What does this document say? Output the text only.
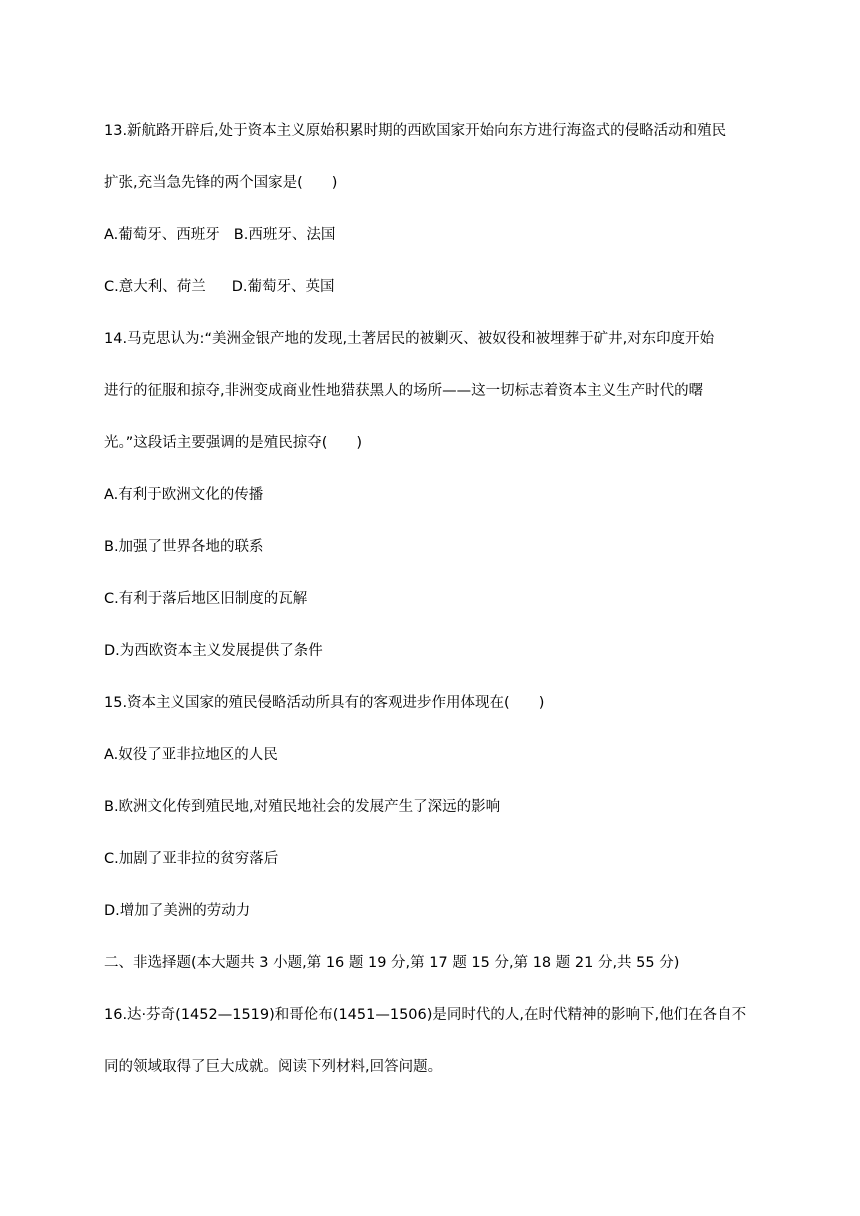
13.新航路开辟后,处于资本主义原始积累时期的西欧国家开始向东方进行海盗式的侵略活动和殖民
扩张,充当急先锋的两个国家是(　　)
A.葡萄牙、西班牙 B.西班牙、法国
C.意大利、荷兰 D.葡萄牙、英国
14.马克思认为:“美洲金银产地的发现,土著居民的被剿灭、被奴役和被埋葬于矿井,对东印度开始
进行的征服和掠夺,非洲变成商业性地猎获黑人的场所——这一切标志着资本主义生产时代的曙
光。”这段话主要强调的是殖民掠夺(　　)
A.有利于欧洲文化的传播
B.加强了世界各地的联系
C.有利于落后地区旧制度的瓦解
D.为西欧资本主义发展提供了条件
15.资本主义国家的殖民侵略活动所具有的客观进步作用体现在(　　)
A.奴役了亚非拉地区的人民
B.欧洲文化传到殖民地,对殖民地社会的发展产生了深远的影响
C.加剧了亚非拉的贫穷落后
D.增加了美洲的劳动力
二、非选择题(本大题共 3 小题,第 16 题 19 分,第 17 题 15 分,第 18 题 21 分,共 55 分)
16.达·芬奇(1452—1519)和哥伦布(1451—1506)是同时代的人,在时代精神的影响下,他们在各自不
同的领域取得了巨大成就。阅读下列材料,回答问题。
